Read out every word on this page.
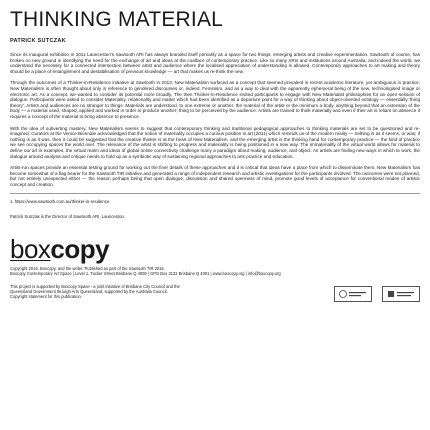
THINKING MATERIAL
PATRICK SUTCZAK

Since its inaugural exhibition in 2011 Launceston's Sawtooth ARI has always branded itself primarily as a space for two things: emerging artists and creative experimentation. Sawtooth of course, has broken no new ground in identifying the need for the exchange of art and ideas at the coalface of contemporary practice. Like so many ARIs and institutions around Australia, and indeed the world, we understand the necessity for a connected intersection between artist and audience where the localised appreciation of understanding is allowed. Contemporary approaches to art making and theory should be a place of entanglement and destabilisation of previous knowledge — art that makes us re-think the new.

Through the outcomes of a Thinker-in-Residence initiative at Sawtooth in 2013, New Materialism surfaced as a concept that seemed prevalent in recent academic literature, yet ambiguous in practice. New Materialism is often thought about only in reference to gendered discourses or, indeed, Feminism, and as a way to deal with the apparently ephemeral being of the new, technologised image or electronic art. As a concept, we wanted to consider its potential more broadly. The then Thinker-in-Residence invited participants to engage with New Materialist philosophies for an open session of dialogue. Participants were asked to consider Materiality, relationality and matter which had been identified as a departure point for a way of thinking about object-oriented ontology — essentially 'thing theory'. Artists and audiences are no stranger to things. Materials are understood, to one extreme or another, the material of the artist or the minimum a body, anything beyond that an extension of the body — a material used, shaped, applied and worked in order to produce another; thing to be perceived by the audience. Artists are trained to think materially and even if their art is reliant on absence it requires a concept of the material to bring absence to presence.

With the idea of subverting mastery, New Materialism seems to suggest that contemporary thinking and traditional pedagogical approaches to thinking materials are set to be questioned and re-imagined. Curators at the Venice Biennale acknowledged that the notion of materiality occupies a curious position in art (2011) which reminds us of the modern reality — nothing is as it seems, or was; if nothing is as it was, then it could be suggested that the creative thinker is at the heart of New Materialism, and the emerging artist is the thinking hand for contemporary practice — the kind of practice we see occupying spaces the world over. The relevance of the artist is shifting to progress and materiality is being positioned in a new way. The immateriality of the virtual world allows for material to define our art in examples, the virtual realm and ideas of global online connectivity challenge many a paradigm about making, audience, and object. As artists are finding new ways in which to work, the dialogue around analysis and critique needs to hold up as a symbiotic way of sustaining regional approaches to arts practice and education.

Artist-run spaces provide an essential testing ground for working out the finer details of these approaches and it is critical that ideas have a place from which to disseminate them. New Materialism has become somewhat of a flag bearer for the Sawtooth TIR initiative and generated a range of independent research and artistic investigations for the participants involved. The outcomes were not planned, but not entirely unexpected either — the reason perhaps being that open dialogue, discussion and shared openness of mind, promote good levels of acceptance for conventional modes of artistic concept and creation.

1. https://www.sawtooth.com.au/thinker-in-residence

Patrick Sutczak is the Director of Sawtooth ARI, Launceston.

boxcopy

Copyright 2016, Boxcopy, and the writer. Published as part of the Sawtooth TIR 2016.

Boxcopy Contemporary Art Space | Level 1, Tucker Street Brisbane Q 4000 | GPO Box 3122 Brisbane Q 4001 | www.boxcopy.org | info@boxcopy.org

This project is supported by Boxcopy Space - a joint initiative of Brisbane City Council and the Queensland Government through Arts Queensland, supported by the Australia Council. Copyright statement for this publication.
